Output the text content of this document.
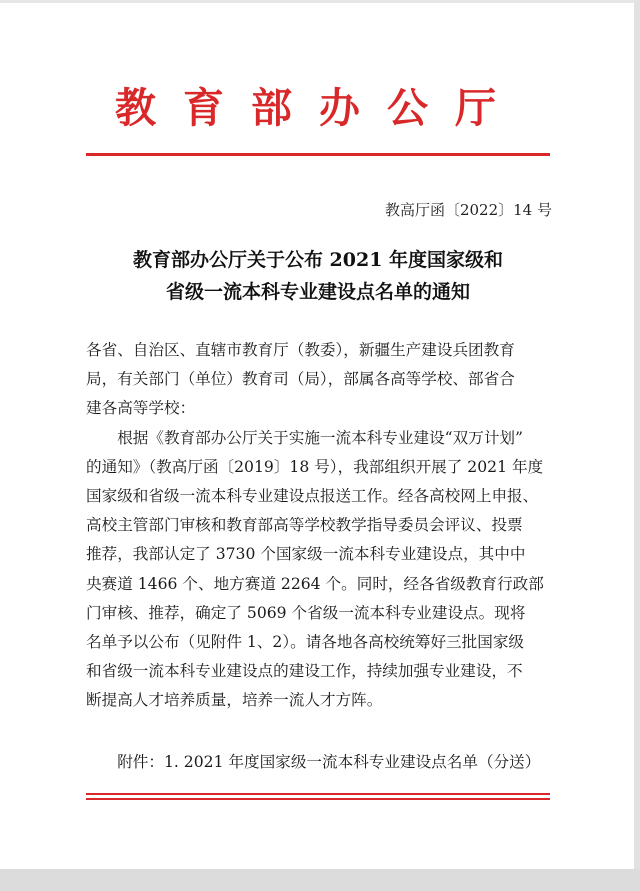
教育部办公厅
教高厅函〔2022〕14 号
教育部办公厅关于公布 2021 年度国家级和
省级一流本科专业建设点名单的通知
各省、自治区、直辖市教育厅（教委），新疆生产建设兵团教育
局，有关部门（单位）教育司（局），部属各高等学校、部省合
建各高等学校：
　　根据《教育部办公厅关于实施一流本科专业建设“双万计划”
的通知》（教高厅函〔2019〕18 号），我部组织开展了 2021 年度
国家级和省级一流本科专业建设点报送工作。经各高校网上申报、
高校主管部门审核和教育部高等学校教学指导委员会评议、投票
推荐，我部认定了 3730 个国家级一流本科专业建设点，其中中
央赛道 1466 个、地方赛道 2264 个。同时，经各省级教育行政部
门审核、推荐，确定了 5069 个省级一流本科专业建设点。现将
名单予以公布（见附件 1、2）。请各地各高校统筹好三批国家级
和省级一流本科专业建设点的建设工作，持续加强专业建设，不
断提高人才培养质量，培养一流人才方阵。
　　附件：1. 2021 年度国家级一流本科专业建设点名单（分送）
